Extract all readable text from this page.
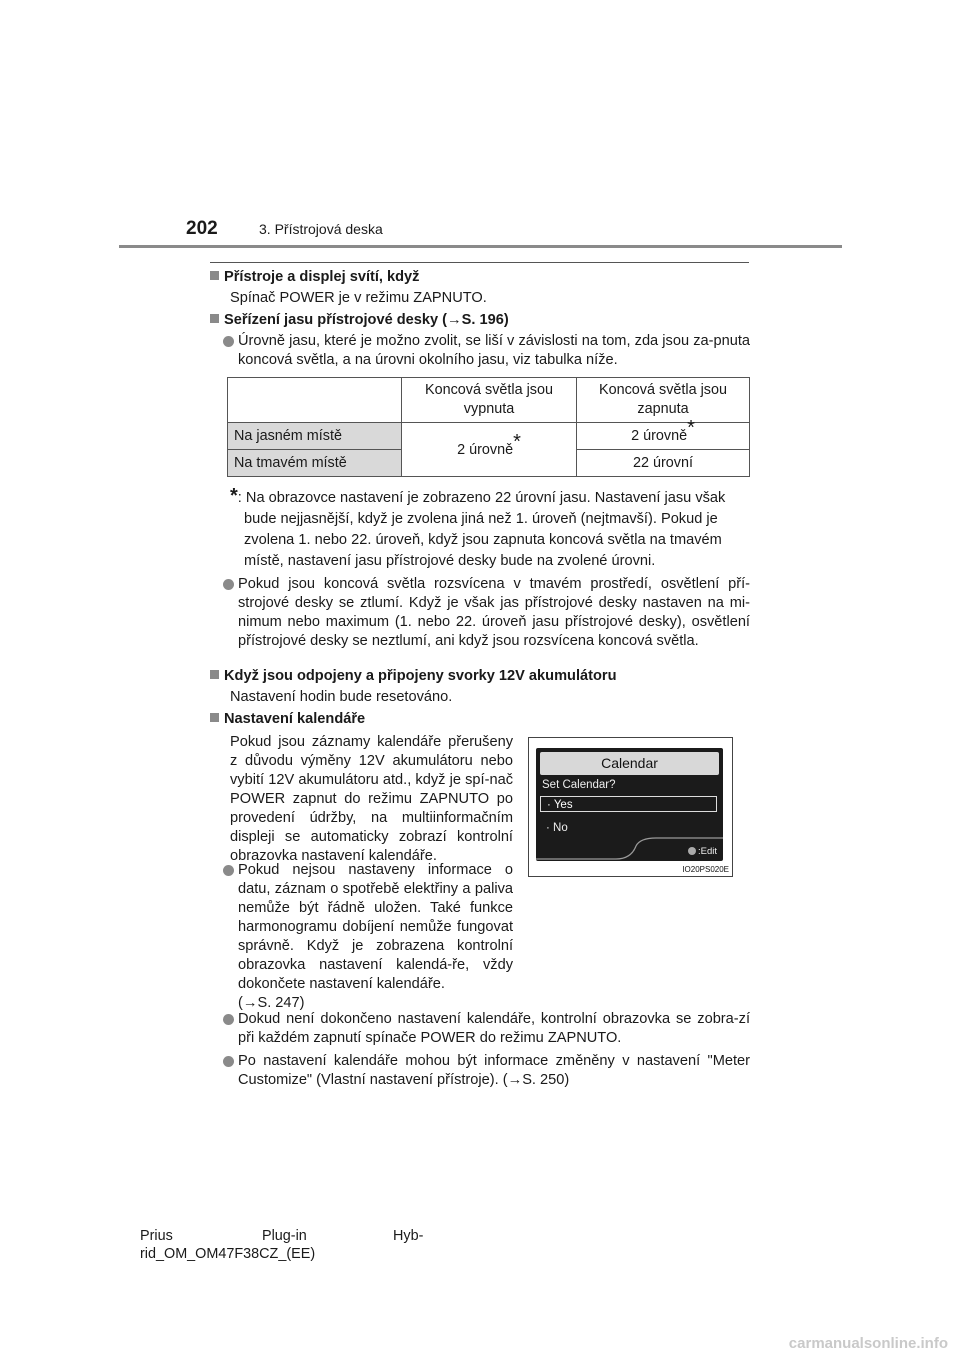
202	3. Přístrojová deska
Přístroje a displej svítí, když
Spínač POWER je v režimu ZAPNUTO.
Seřízení jasu přístrojové desky (→S. 196)
Úrovně jasu, které je možno zvolit, se liší v závislosti na tom, zda jsou za-pnuta koncová světla, a na úrovni okolního jasu, viz tabulka níže.
	Koncová světla jsou vypnuta	Koncová světla jsou zapnuta
Na jasném místě	2 úrovně*	2 úrovně*
Na tmavém místě		22 úrovní
*: Na obrazovce nastavení je zobrazeno 22 úrovní jasu. Nastavení jasu však
bude nejjasnější, když je zvolena jiná než 1. úroveň (nejtmavší). Pokud je zvolena 1. nebo 22. úroveň, když jsou zapnuta koncová světla na tmavém místě, nastavení jasu přístrojové desky bude na zvolené úrovni.
Pokud jsou koncová světla rozsvícena v tmavém prostředí, osvětlení pří-strojové desky se ztlumí. Když je však jas přístrojové desky nastaven na mi-nimum nebo maximum (1. nebo 22. úroveň jasu přístrojové desky), osvětlení přístrojové desky se neztlumí, ani když jsou rozsvícena koncová světla.
Když jsou odpojeny a připojeny svorky 12V akumulátoru
Nastavení hodin bude resetováno.
Nastavení kalendáře
Pokud jsou záznamy kalendáře přerušeny z důvodu výměny 12V akumulátoru nebo vybití 12V akumulátoru atd., když je spí-nač POWER zapnut do režimu ZAPNUTO po provedení údržby, na multiinformačním displeji se automaticky zobrazí kontrolní obrazovka nastavení kalendáře.
Pokud nejsou nastaveny informace o datu, záznam o spotřebě elektřiny a paliva nemůže být řádně uložen. Také funkce harmonogramu dobíjení nemůže fungovat správně. Když je zobrazena kontrolní obrazovka nastavení kalendá-ře, vždy dokončete nastavení kalendáře.
(→S. 247)
Calendar
Set Calendar?
· Yes
· No
:Edit
IO20PS020E
Dokud není dokončeno nastavení kalendáře, kontrolní obrazovka se zobra-zí při každém zapnutí spínače POWER do režimu ZAPNUTO.
Po nastavení kalendáře mohou být informace změněny v nastavení "Meter Customize" (Vlastní nastavení přístroje). (→S. 250)
Prius	Plug-in	Hyb-
rid_OM_OM47F38CZ_(EE)
carmanualsonline.info
